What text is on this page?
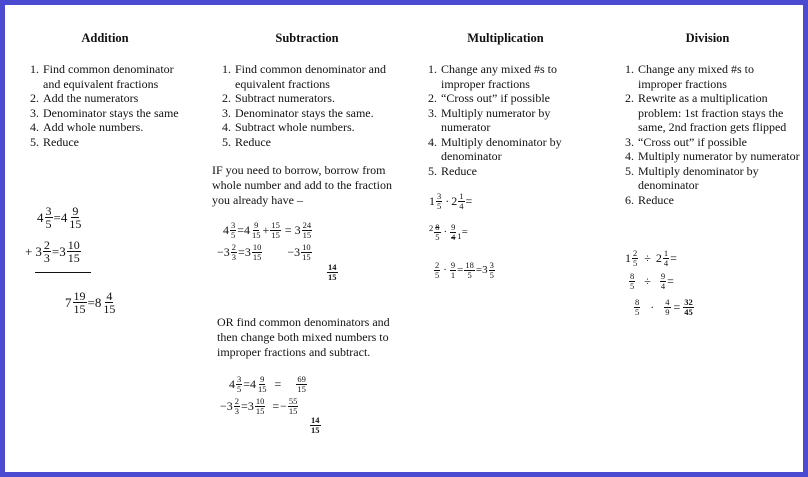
Addition
1. Find common denominator and equivalent fractions
2. Add the numerators
3. Denominator stays the same
4. Add whole numbers.
5. Reduce
$4 \frac{3}{5} = 4$ 9
15
+ $3 \frac{2}{3} = 3$ 10
15
$7 \frac{19}{15} = 8$ 4
15
Subtraction
1. Find common denominator and equivalent fractions
2. Subtract numerators.
3. Denominator stays the same.
4. Subtract whole numbers.
5. Reduce
IF you need to borrow, borrow from whole number and add to the fraction you already have –
$4 \frac{3}{5} = 4$ 9
$15 + \frac{15}{15} = 3$ 24
15
− $3 \frac{2}{3} = 3$ 10
15 − 3 10
15
$\frac{14}{15}$
OR find common denominators and then change both mixed numbers to improper fractions and subtract.
$4 \frac{3}{5} = 4 \frac{9}{15} = \frac{69}{15}$
− $3 \frac{2}{3} = 3 \frac{10}{15}$ = − $\frac{55}{15}$
$\frac{14}{15}$
Multiplication
1. Change any mixed #s to improper fractions
2. “Cross out” if possible
3. Multiply numerator by numerator
4. Multiply denominator by denominator
5. Reduce
1 3
$5 \cdot 2 \frac{1}{4}$ =
2 8
5 · 9
4 1 =
2
$5 \cdot \frac{9}{1} = \frac{18}{5} = 3$ 3
5
Division
1. Change any mixed #s to improper fractions
2. Rewrite as a multiplication problem: 1st fraction stays the same, 2nd fraction gets flipped
3. “Cross out” if possible
4. Multiply numerator by numerator
5. Multiply denominator by denominator
6. Reduce
$1 \frac{2}{5} \div 2 \frac{1}{4}$ =
$\frac{8}{5} \div \frac{9}{4}$ =
8
$5 \cdot \frac{4}{9} = \frac{32}{45}$
